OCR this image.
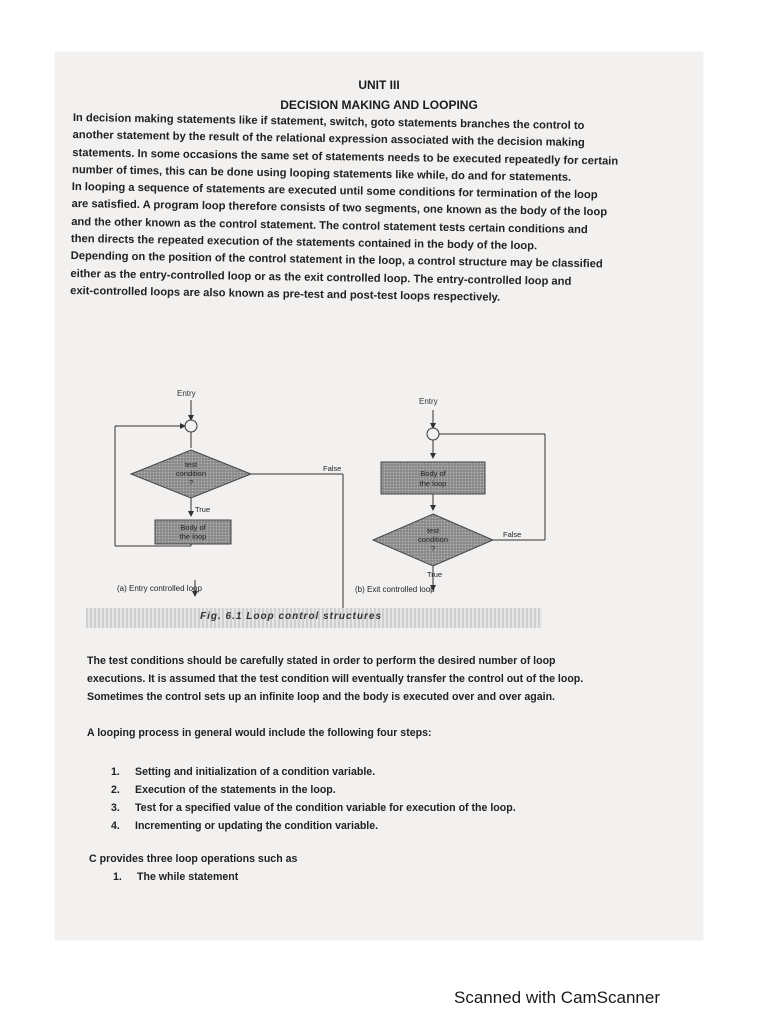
UNIT III
DECISION MAKING AND LOOPING
In decision making statements like if statement, switch, goto statements branches the control to
another statement by the result of the relational expression associated with the decision making
statements. In some occasions the same set of statements needs to be executed repeatedly for certain
number of times, this can be done using looping statements like while, do and for statements.
In looping a sequence of statements are executed until some conditions for termination of the loop
are satisfied. A program loop therefore consists of two segments, one known as the body of the loop
and the other known as the control statement. The control statement tests certain conditions and
then directs the repeated execution of the statements contained in the body of the loop.
Depending on the position of the control statement in the loop, a control structure may be classified
either as the entry-controlled loop or as the exit controlled loop. The entry-controlled loop and
exit-controlled loops are also known as pre-test and post-test loops respectively.
Entry
test
condition
?
False
True
Body of
the loop
(a) Entry controlled loop
Entry
Body of
the loop
test
condition
?
False
True
(b) Exit controlled loop
Fig. 6.1 Loop control structures
The test conditions should be carefully stated in order to perform the desired number of loop
executions. It is assumed that the test condition will eventually transfer the control out of the loop.
Sometimes the control sets up an infinite loop and the body is executed over and over again.
A looping process in general would include the following four steps:
1. Setting and initialization of a condition variable.
2. Execution of the statements in the loop.
3. Test for a specified value of the condition variable for execution of the loop.
4. Incrementing or updating the condition variable.
C provides three loop operations such as
1. The while statement
Scanned with CamScanner
